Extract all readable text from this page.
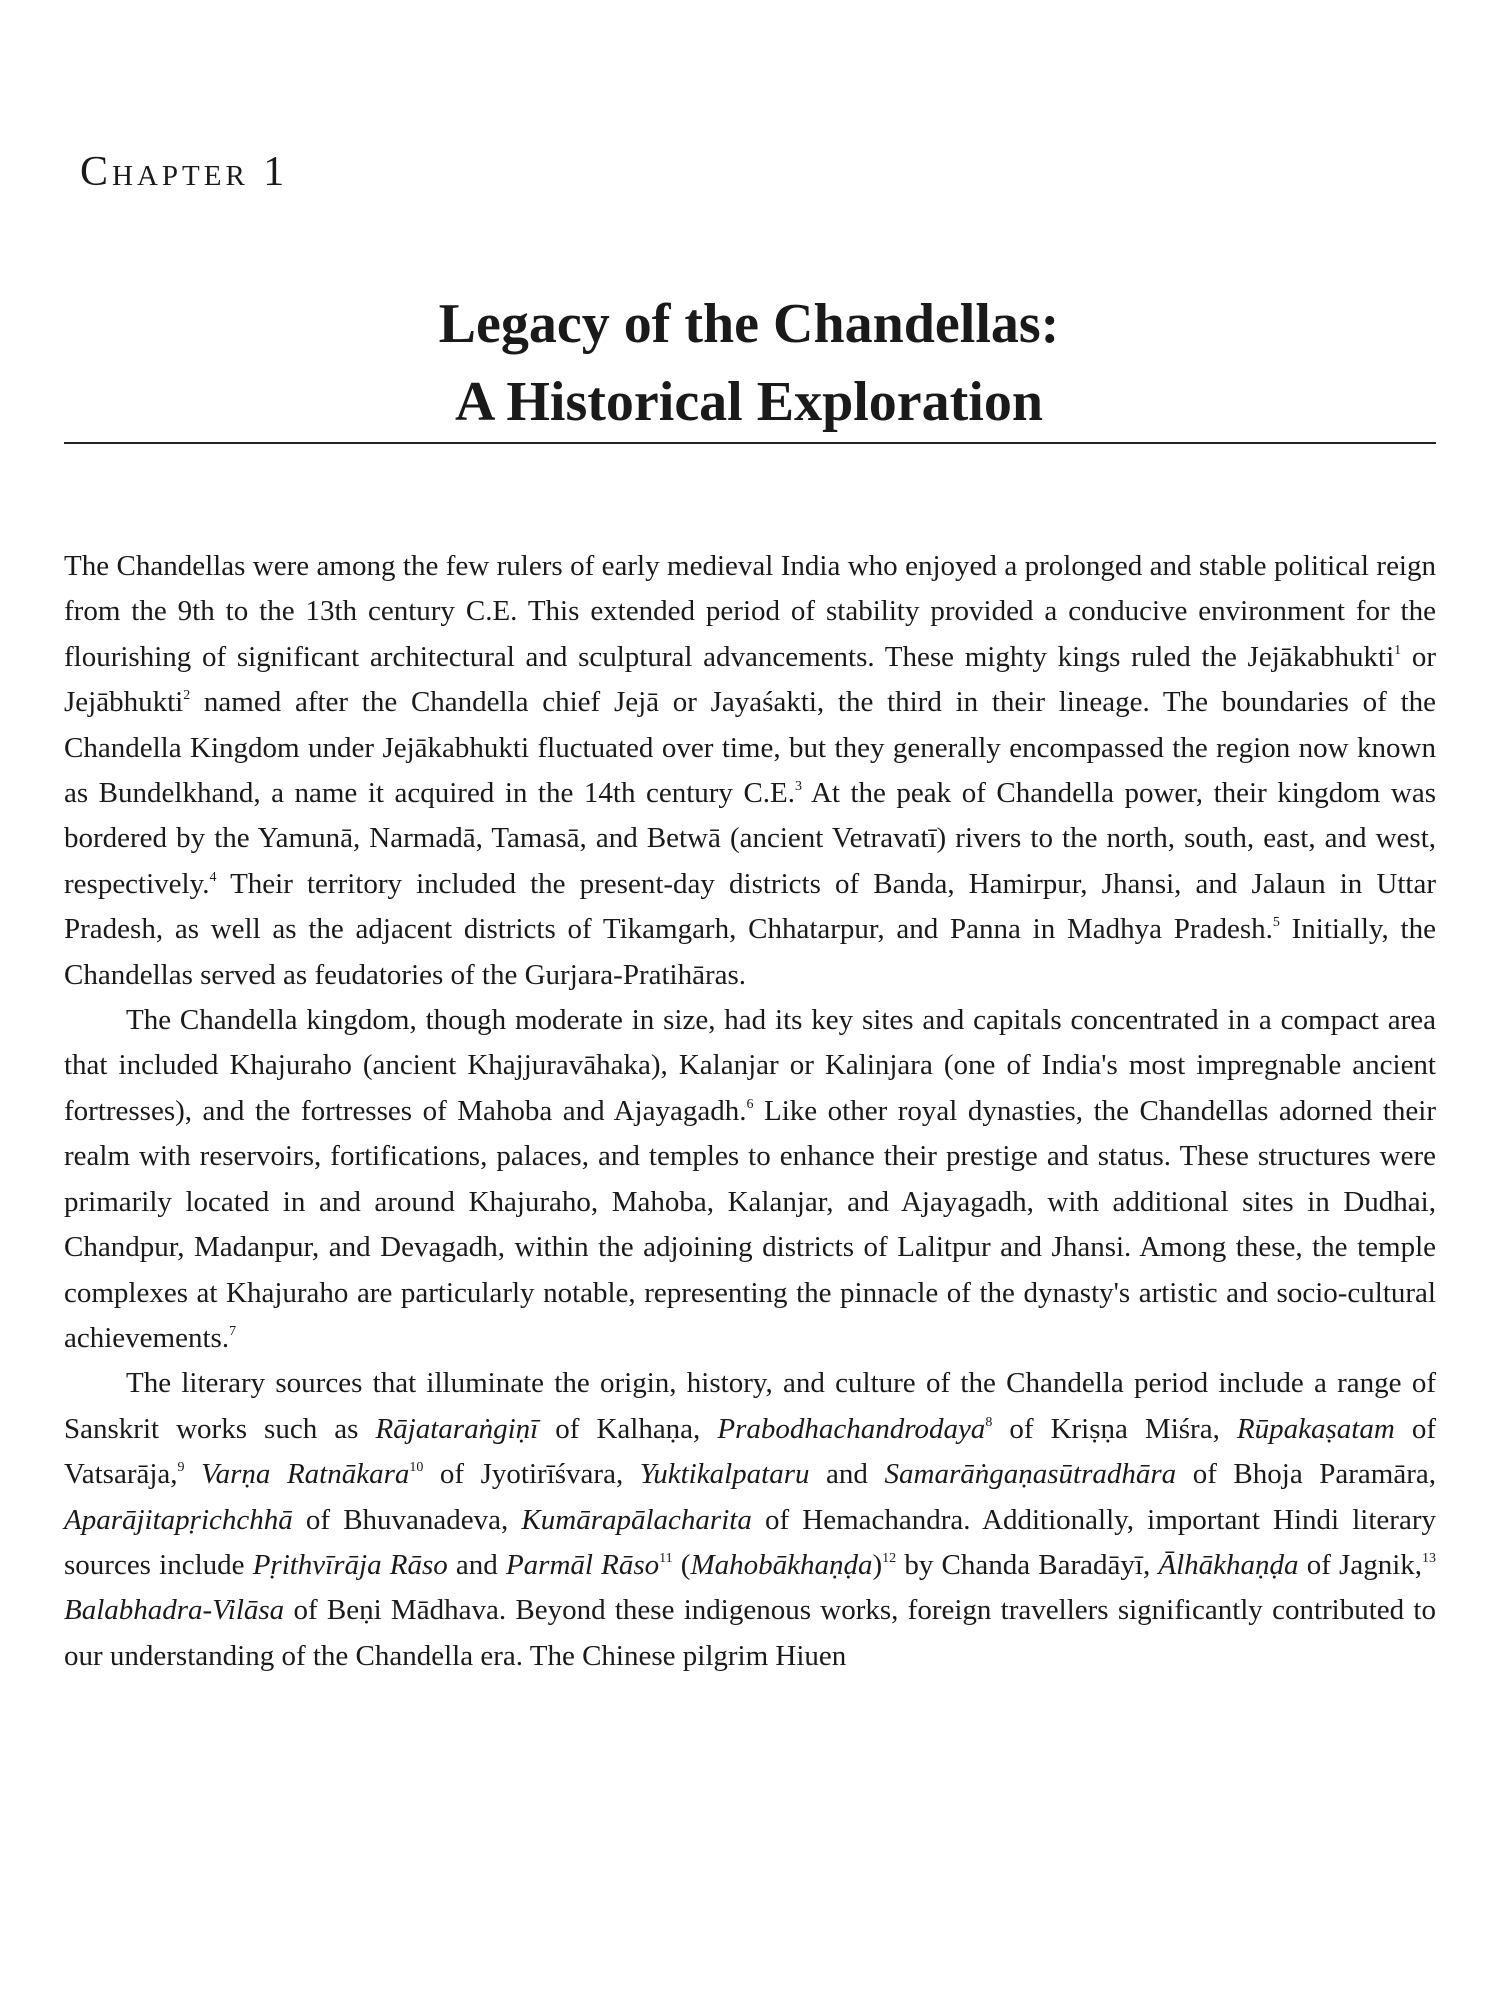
Chapter 1
Legacy of the Chandellas:
A Historical Exploration

The Chandellas were among the few rulers of early medieval India who enjoyed a prolonged and stable political reign from the 9th to the 13th century C.E. This extended period of stability provided a conducive environment for the flourishing of significant architectural and sculptural advancements. These mighty kings ruled the Jejākabhukti$^1$ or Jejābhukti$^2$ named after the Chandella chief Jejā or Jayaśakti, the third in their lineage. The boundaries of the Chandella Kingdom under Jejākabhukti fluctuated over time, but they generally encompassed the region now known as Bundelkhand, a name it acquired in the 14th century C.E.$^3$ At the peak of Chandella power, their kingdom was bordered by the Yamunā, Narmadā, Tamasā, and Betwā (ancient Vetravatī) rivers to the north, south, east, and west, respectively.$^4$ Their territory included the present-day districts of Banda, Hamirpur, Jhansi, and Jalaun in Uttar Pradesh, as well as the adjacent districts of Tikamgarh, Chhatarpur, and Panna in Madhya Pradesh.$^5$ Initially, the Chandellas served as feudatories of the Gurjara-Pratihāras.

The Chandella kingdom, though moderate in size, had its key sites and capitals concentrated in a compact area that included Khajuraho (ancient Khajjuravāhaka), Kalanjar or Kalinjara (one of India's most impregnable ancient fortresses), and the fortresses of Mahoba and Ajayagadh.$^6$ Like other royal dynasties, the Chandellas adorned their realm with reservoirs, fortifications, palaces, and temples to enhance their prestige and status. These structures were primarily located in and around Khajuraho, Mahoba, Kalanjar, and Ajayagadh, with additional sites in Dudhai, Chandpur, Madanpur, and Devagadh, within the adjoining districts of Lalitpur and Jhansi. Among these, the temple complexes at Khajuraho are particularly notable, representing the pinnacle of the dynasty's artistic and socio-cultural achievements.$^7$

The literary sources that illuminate the origin, history, and culture of the Chandella period include a range of Sanskrit works such as Rājataraṅgiṇī of Kalhaṇa, Prabodhachandrodaya$^8$ of Kriṣṇa Miśra, Rūpakaṣatam of Vatsarāja,$^9$ Varṇa Ratnākara$^{10}$ of Jyotirīśvara, Yuktikalpataru and Samarāṅgaṇasūtradhāra of Bhoja Paramāra, Aparājitapṛichchhā of Bhuvanadeva, Kumārapālacharita of Hemachandra. Additionally, important Hindi literary sources include Pṛithvīrāja Rāso and Parmāl Rāso$^{11}$ (Mahobākhaṇḍa)$^{12}$ by Chanda Baradāyī, Ālhākhaṇḍa of Jagnik,$^{13}$ Balabhadra-Vilāsa of Beṇi Mādhava. Beyond these indigenous works, foreign travellers significantly contributed to our understanding of the Chandella era. The Chinese pilgrim Hiuen
